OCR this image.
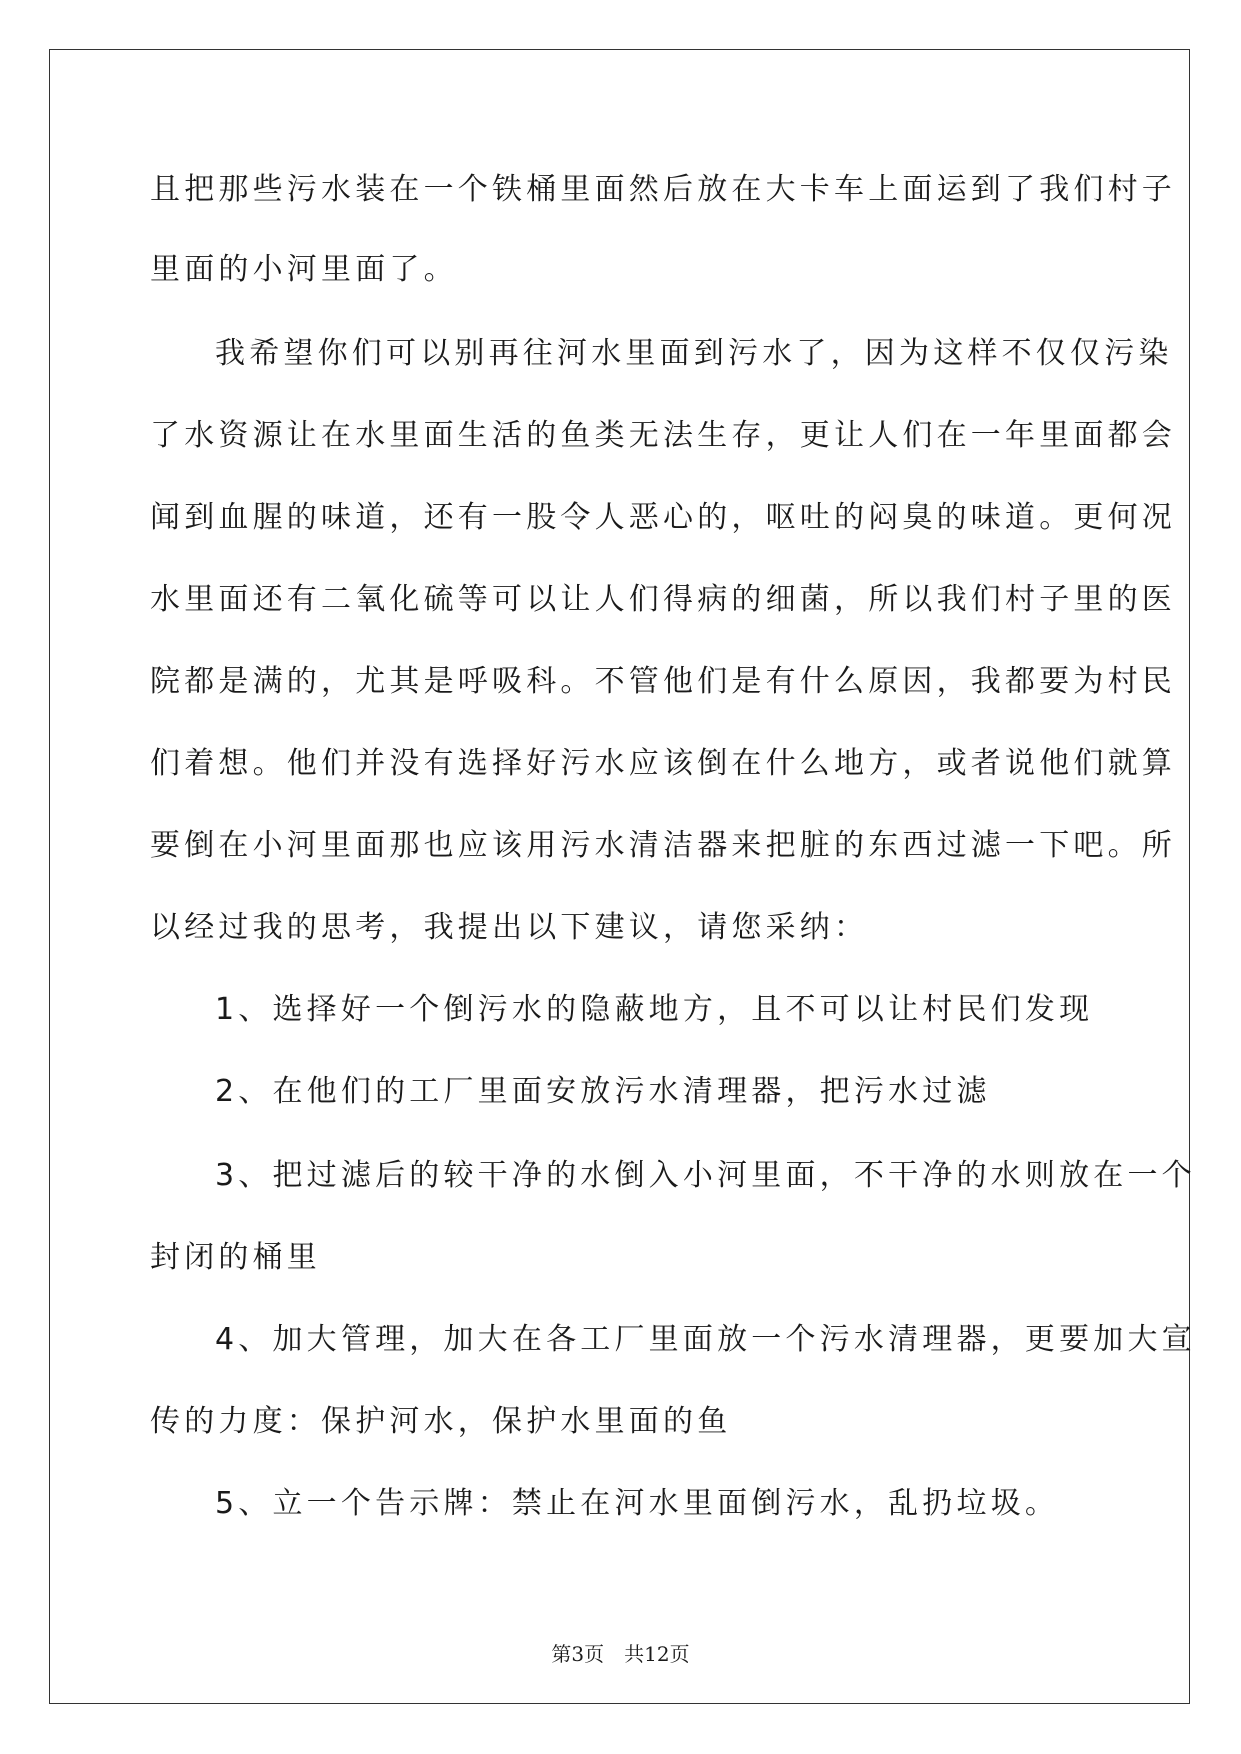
且把那些污水装在一个铁桶里面然后放在大卡车上面运到了我们村子
里面的小河里面了。
我希望你们可以别再往河水里面到污水了，因为这样不仅仅污染
了水资源让在水里面生活的鱼类无法生存，更让人们在一年里面都会
闻到血腥的味道，还有一股令人恶心的，呕吐的闷臭的味道。更何况
水里面还有二氧化硫等可以让人们得病的细菌，所以我们村子里的医
院都是满的，尤其是呼吸科。不管他们是有什么原因，我都要为村民
们着想。他们并没有选择好污水应该倒在什么地方，或者说他们就算
要倒在小河里面那也应该用污水清洁器来把脏的东西过滤一下吧。所
以经过我的思考，我提出以下建议，请您采纳：
1、选择好一个倒污水的隐蔽地方，且不可以让村民们发现
2、在他们的工厂里面安放污水清理器，把污水过滤
3、把过滤后的较干净的水倒入小河里面，不干净的水则放在一个
封闭的桶里
4、加大管理，加大在各工厂里面放一个污水清理器，更要加大宣
传的力度：保护河水，保护水里面的鱼
5、立一个告示牌：禁止在河水里面倒污水，乱扔垃圾。
第3页　共12页
